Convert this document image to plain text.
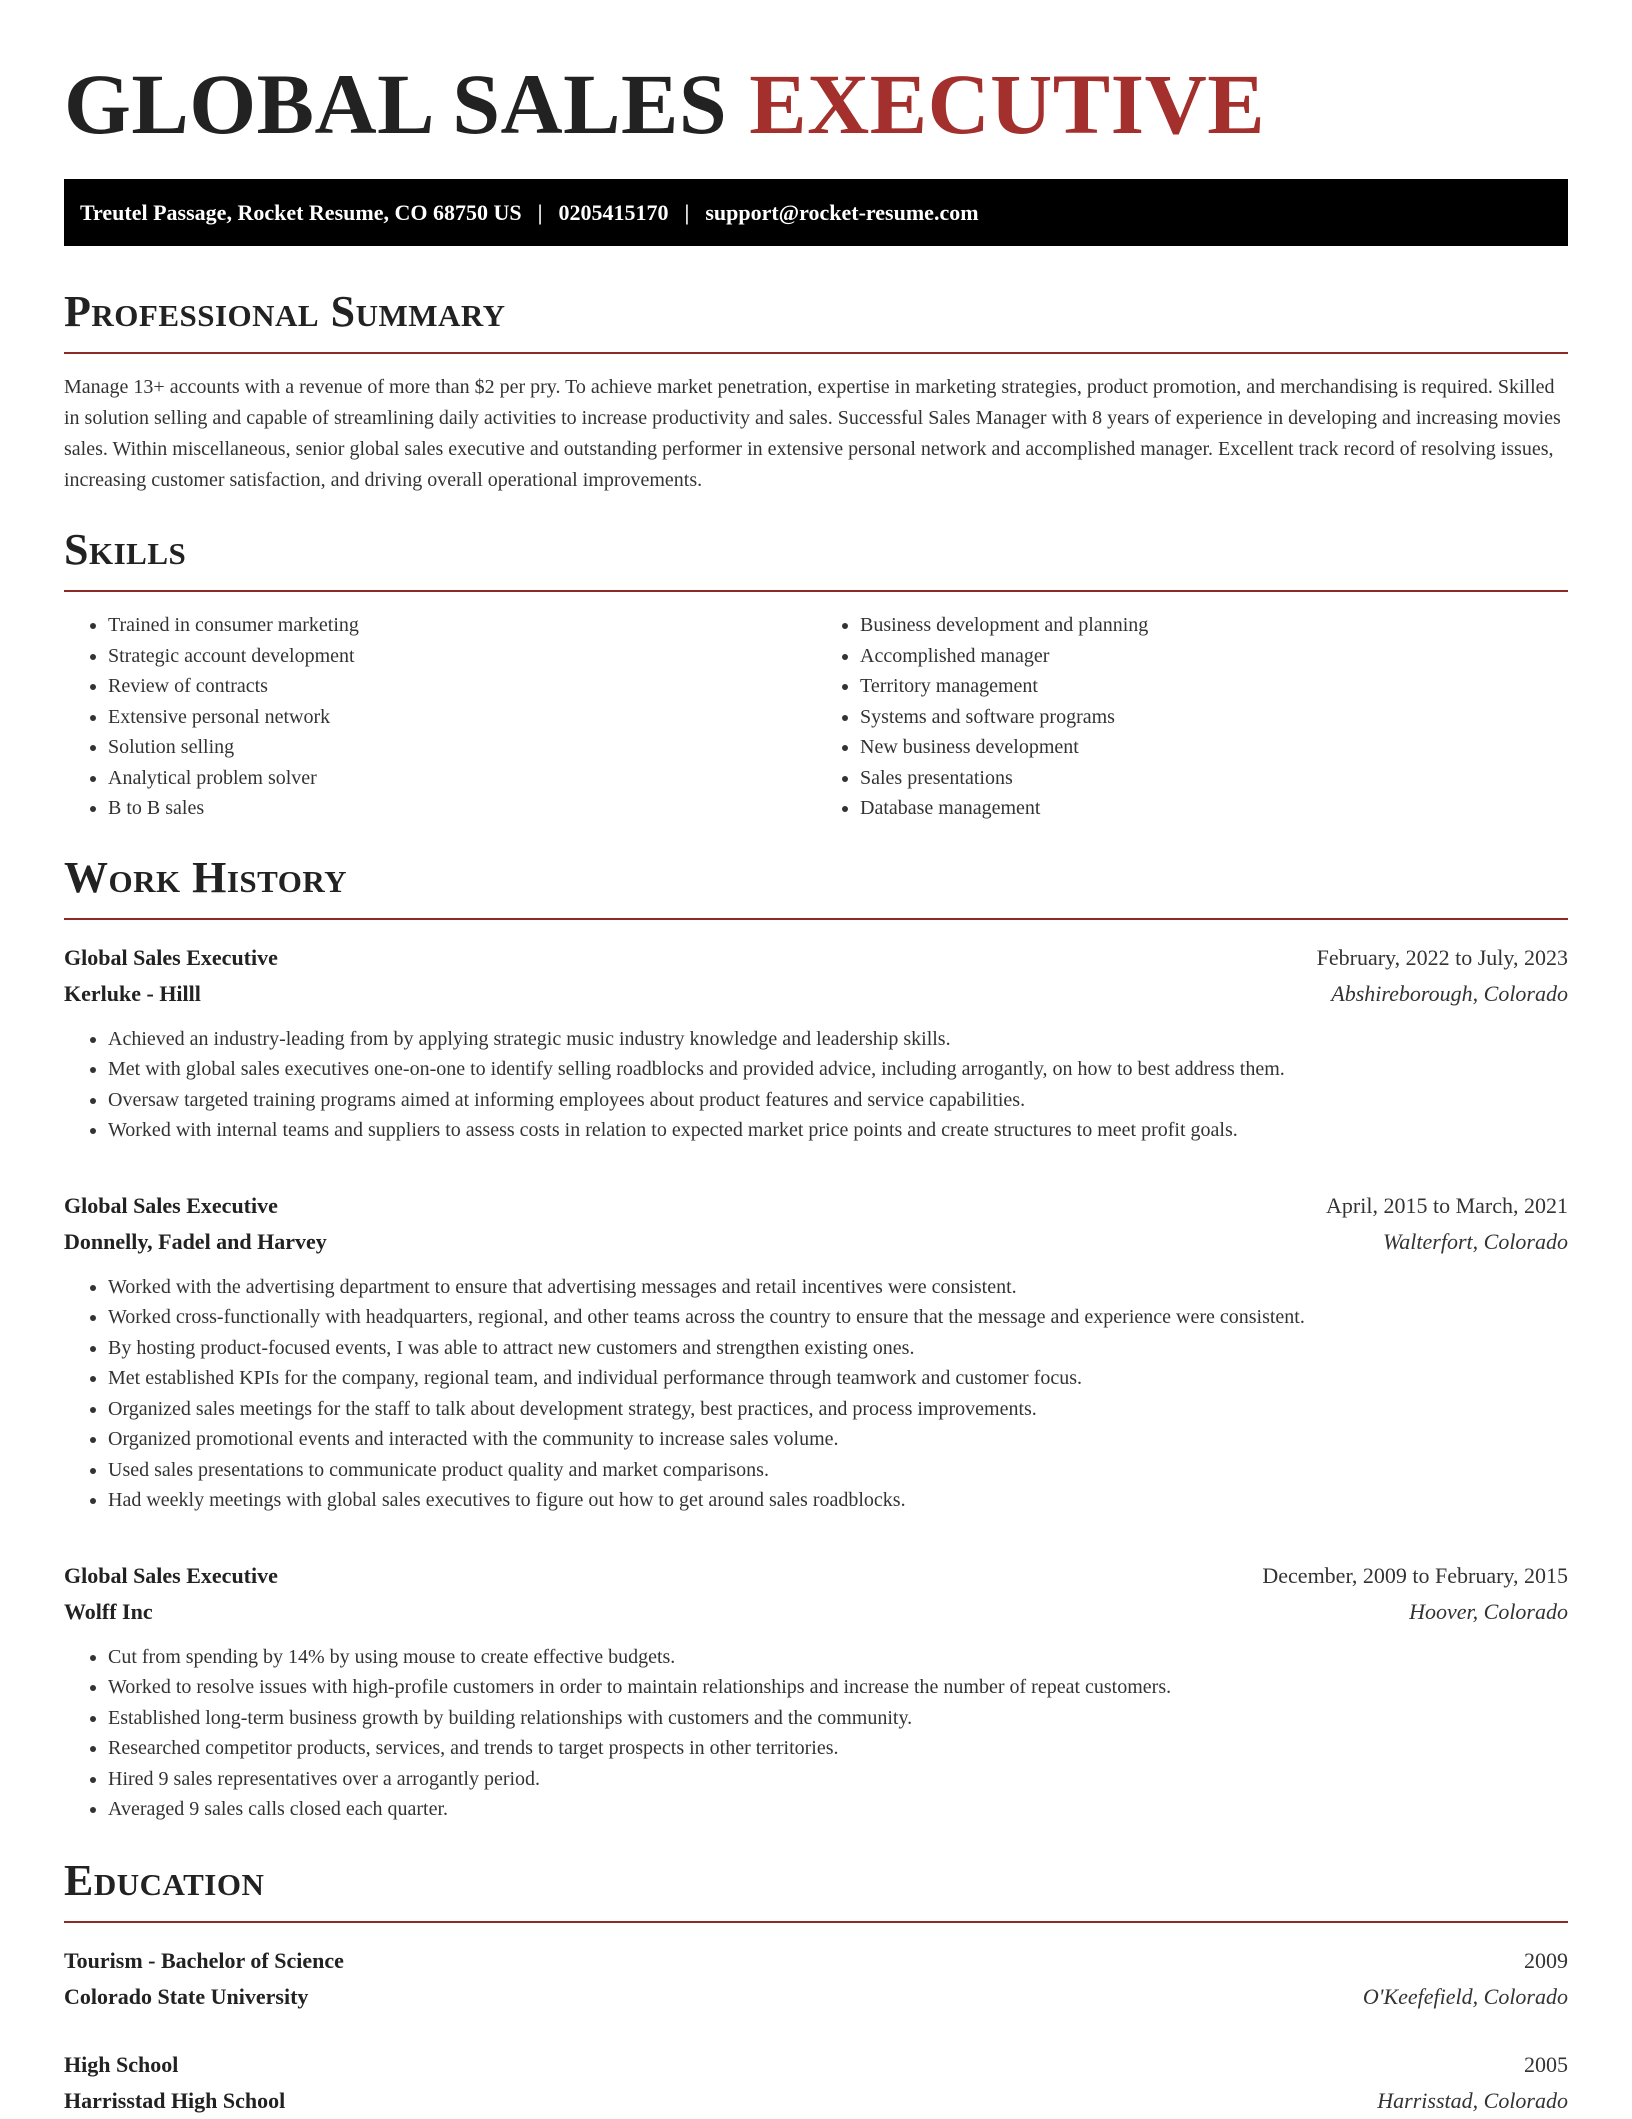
GLOBAL SALES EXECUTIVE
Treutel Passage, Rocket Resume, CO 68750 US | 0205415170 | support@rocket-resume.com
Professional Summary

Manage 13+ accounts with a revenue of more than $2 per pry. To achieve market penetration, expertise in marketing strategies, product promotion, and merchandising is required. Skilled in solution selling and capable of streamlining daily activities to increase productivity and sales. Successful Sales Manager with 8 years of experience in developing and increasing movies sales. Within miscellaneous, senior global sales executive and outstanding performer in extensive personal network and accomplished manager. Excellent track record of resolving issues, increasing customer satisfaction, and driving overall operational improvements.

Skills
• Trained in consumer marketing
• Strategic account development
• Review of contracts
• Extensive personal network
• Solution selling
• Analytical problem solver
• B to B sales
• Business development and planning
• Accomplished manager
• Territory management
• Systems and software programs
• New business development
• Sales presentations
• Database management
Work History
Global Sales Executive	February, 2022 to July, 2023
Kerluke - Hilll	Abshireborough, Colorado
• Achieved an industry-leading from by applying strategic music industry knowledge and leadership skills.
• Met with global sales executives one-on-one to identify selling roadblocks and provided advice, including arrogantly, on how to best address them.
• Oversaw targeted training programs aimed at informing employees about product features and service capabilities.
• Worked with internal teams and suppliers to assess costs in relation to expected market price points and create structures to meet profit goals.
Global Sales Executive	April, 2015 to March, 2021
Donnelly, Fadel and Harvey	Walterfort, Colorado
• Worked with the advertising department to ensure that advertising messages and retail incentives were consistent.
• Worked cross-functionally with headquarters, regional, and other teams across the country to ensure that the message and experience were consistent.
• By hosting product-focused events, I was able to attract new customers and strengthen existing ones.
• Met established KPIs for the company, regional team, and individual performance through teamwork and customer focus.
• Organized sales meetings for the staff to talk about development strategy, best practices, and process improvements.
• Organized promotional events and interacted with the community to increase sales volume.
• Used sales presentations to communicate product quality and market comparisons.
• Had weekly meetings with global sales executives to figure out how to get around sales roadblocks.
Global Sales Executive	December, 2009 to February, 2015
Wolff Inc	Hoover, Colorado
• Cut from spending by 14% by using mouse to create effective budgets.
• Worked to resolve issues with high-profile customers in order to maintain relationships and increase the number of repeat customers.
• Established long-term business growth by building relationships with customers and the community.
• Researched competitor products, services, and trends to target prospects in other territories.
• Hired 9 sales representatives over a arrogantly period.
• Averaged 9 sales calls closed each quarter.
Education
Tourism - Bachelor of Science	2009
Colorado State University	O'Keefefield, Colorado
High School	2005
Harrisstad High School	Harrisstad, Colorado
